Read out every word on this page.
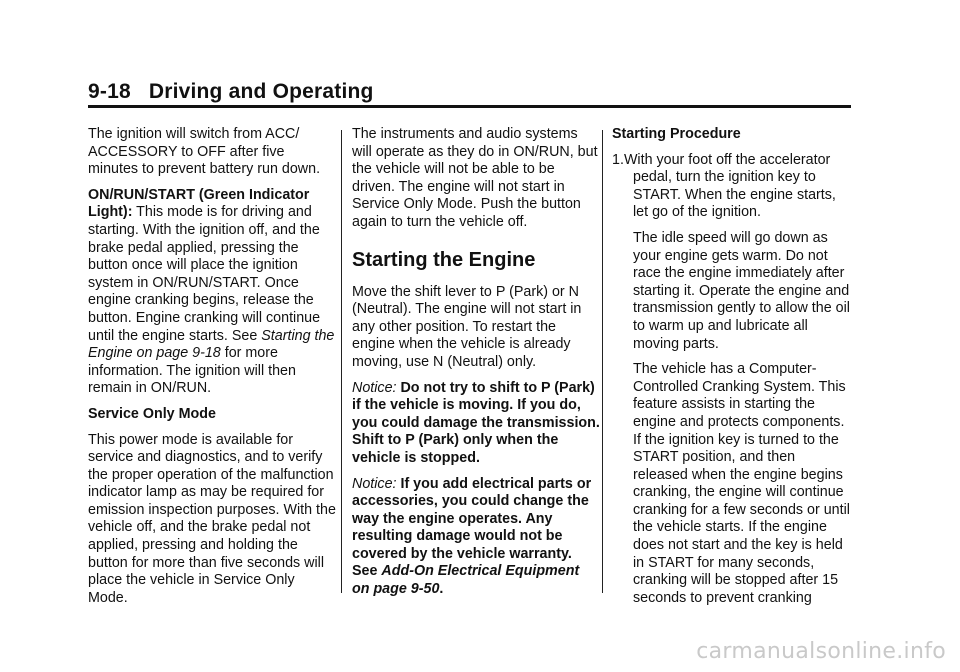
9-18 Driving and Operating

The ignition will switch from ACC/ ACCESSORY to OFF after five minutes to prevent battery run down.

ON/RUN/START (Green Indicator Light): This mode is for driving and starting. With the ignition off, and the brake pedal applied, pressing the button once will place the ignition system in ON/RUN/START. Once engine cranking begins, release the button. Engine cranking will continue until the engine starts. See Starting the Engine on page 9-18 for more information. The ignition will then remain in ON/RUN.

Service Only Mode

This power mode is available for service and diagnostics, and to verify the proper operation of the malfunction indicator lamp as may be required for emission inspection purposes. With the vehicle off, and the brake pedal not applied, pressing and holding the button for more than five seconds will place the vehicle in Service Only Mode.

The instruments and audio systems will operate as they do in ON/RUN, but the vehicle will not be able to be driven. The engine will not start in Service Only Mode. Push the button again to turn the vehicle off.

Starting the Engine

Move the shift lever to P (Park) or N (Neutral). The engine will not start in any other position. To restart the engine when the vehicle is already moving, use N (Neutral) only.

Notice: Do not try to shift to P (Park) if the vehicle is moving. If you do, you could damage the transmission. Shift to P (Park) only when the vehicle is stopped.

Notice: If you add electrical parts or accessories, you could change the way the engine operates. Any resulting damage would not be covered by the vehicle warranty. See Add-On Electrical Equipment on page 9-50.

Starting Procedure

1.With your foot off the accelerator pedal, turn the ignition key to START. When the engine starts, let go of the ignition.

The idle speed will go down as your engine gets warm. Do not race the engine immediately after starting it. Operate the engine and transmission gently to allow the oil to warm up and lubricate all moving parts.

The vehicle has a Computer-Controlled Cranking System. This feature assists in starting the engine and protects components. If the ignition key is turned to the START position, and then released when the engine begins cranking, the engine will continue cranking for a few seconds or until the vehicle starts. If the engine does not start and the key is held in START for many seconds, cranking will be stopped after 15 seconds to prevent cranking

carmanualsonline.info
